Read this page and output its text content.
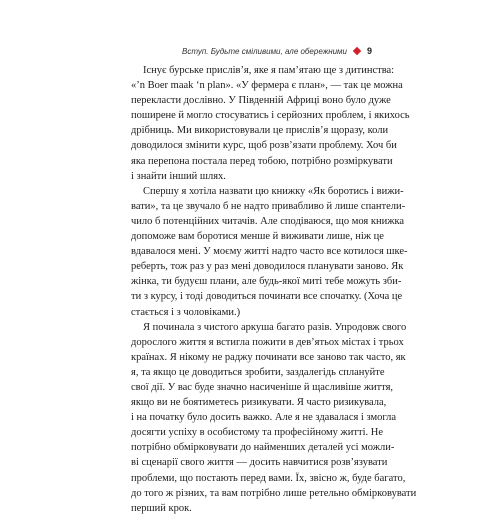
Вступ. Будьте сміливими, але обережними 9

Існує бурське прислів’я, яке я пам’ятаю ще з дитинства:
«’n Boer maak ‘n plan». «У фермера є план», — так це можна
перекласти дослівно. У Південній Африці воно було дуже
поширене й могло стосуватись і серйозних проблем, і якихось
дрібниць. Ми використовували це прислів’я щоразу, коли
доводилося змінити курс, щоб розв’язати проблему. Хоч би
яка перепона постала перед тобою, потрібно розміркувати
і знайти інший шлях.

Спершу я хотіла назвати цю книжку «Як боротись і вижи-
вати», та це звучало б не надто привабливо й лише спантели-
чило б потенційних читачів. Але сподіваюся, що моя книжка
допоможе вам боротися менше й виживати лише, ніж це
вдавалося мені. У моєму житті надто часто все котилося шке-
реберть, тож раз у раз мені доводилося планувати заново. Як
жінка, ти будуєш плани, але будь-якої миті тебе можуть зби-
ти з курсу, і тоді доводиться починати все спочатку. (Хоча це
стається і з чоловіками.)

Я починала з чистого аркуша багато разів. Упродовж свого
дорослого життя я встигла пожити в дев’ятьох містах і трьох
країнах. Я нікому не раджу починати все заново так часто, як
я, та якщо це доводиться зробити, заздалегідь сплануйте
свої дії. У вас буде значно насиченіше й щасливіше життя,
якщо ви не боятиметесь ризикувати. Я часто ризикувала,
і на початку було досить важко. Але я не здавалася і змогла
досягти успіху в особистому та професійному житті. Не
потрібно обмірковувати до найменших деталей усі можли-
ві сценарії свого життя — досить навчитися розв’язувати
проблеми, що постають перед вами. Їх, звісно ж, буде багато,
до того ж різних, та вам потрібно лише ретельно обмірковувати
перший крок.
